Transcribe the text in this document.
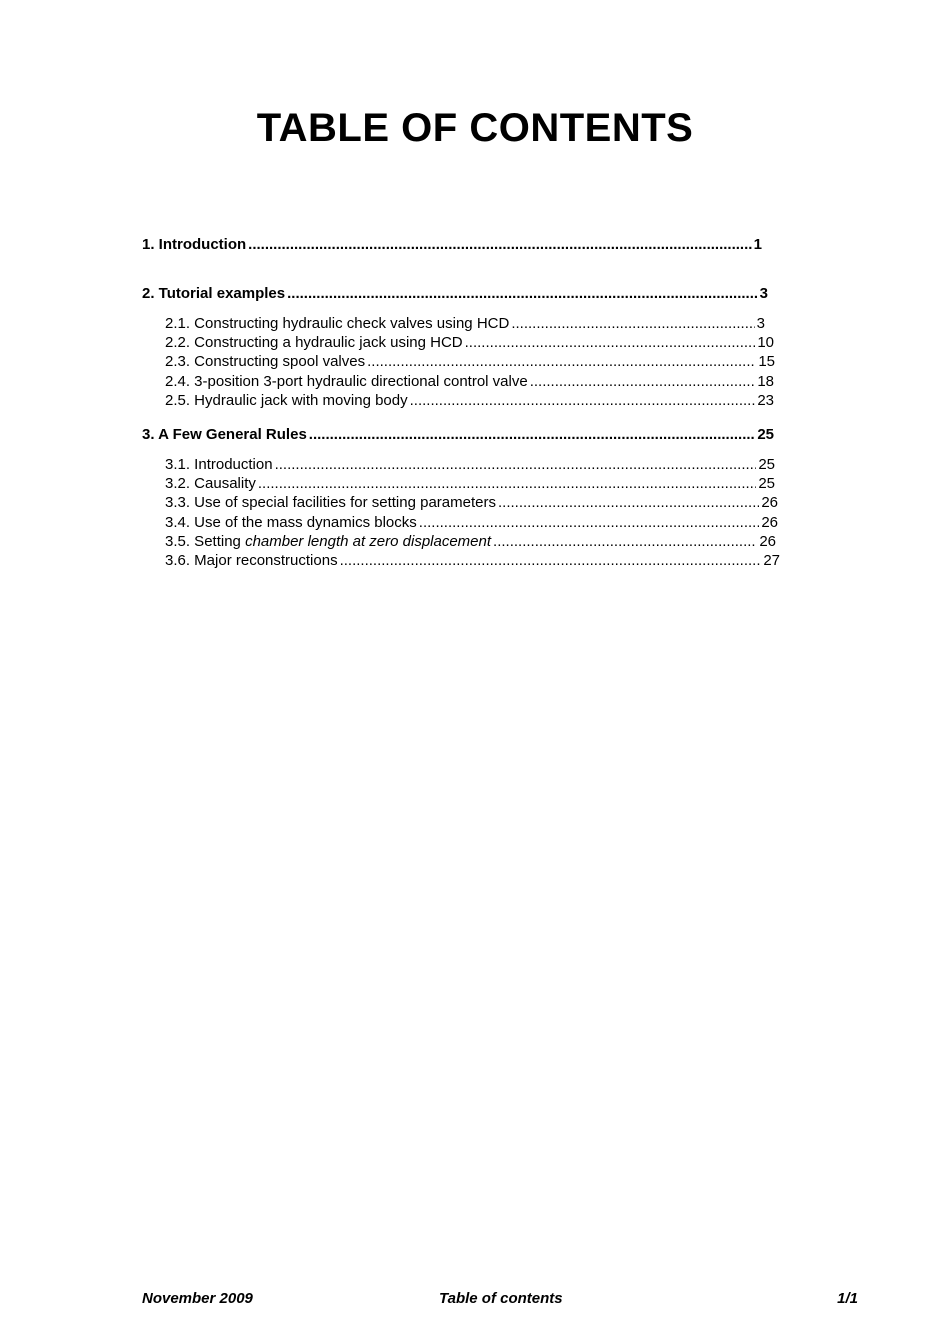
TABLE OF CONTENTS
1. Introduction .....	1
2. Tutorial examples .....	3
2.1. Constructing hydraulic check valves using HCD .....	3
2.2. Constructing a hydraulic jack using HCD .....	10
2.3. Constructing spool valves .....	15
2.4. 3-position 3-port hydraulic directional control valve .....	18
2.5. Hydraulic jack with moving body .....	23
3. A Few General Rules .....	25
3.1. Introduction .....	25
3.2. Causality .....	25
3.3. Use of special facilities for setting parameters .....	26
3.4. Use of the mass dynamics blocks .....	26
3.5. Setting chamber length at zero displacement .....	26
3.6. Major reconstructions .....	27
November 2009	Table of contents	1/1
